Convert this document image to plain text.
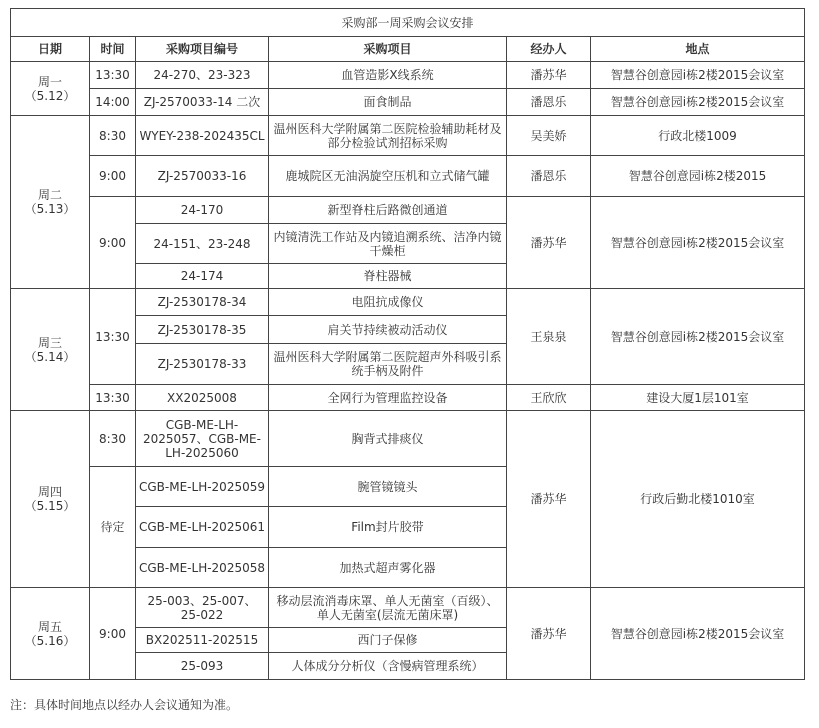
采购部一周采购会议安排					
日期	时间	采购项目编号	采购项目	经办人	地点

周一
（5.12）	13:30	24-270、23-323	血管造影X线系统	潘苏华	智慧谷创意园i栋2楼2015会议室
	14:00	ZJ-2570033-14 二次	面食制品	潘恩乐	智慧谷创意园i栋2楼2015会议室

周二
（5.13）	8:30	WYEY-238-202435CL	温州医科大学附属第二医院检验辅助耗材及部分检验试剂招标采购	吴美娇	行政北楼1009
	9:00	ZJ-2570033-16	鹿城院区无油涡旋空压机和立式储气罐	潘恩乐	智慧谷创意园i栋2楼2015
	9:00	24-170	新型脊柱后路微创通道	潘苏华	智慧谷创意园i栋2楼2015会议室
		24-151、23-248	内镜清洗工作站及内镜追溯系统、洁净内镜干燥柜		
		24-174	脊柱器械		

周三
（5.14）	13:30	ZJ-2530178-34	电阻抗成像仪	王泉泉	智慧谷创意园i栋2楼2015会议室
		ZJ-2530178-35	肩关节持续被动活动仪		
		ZJ-2530178-33	温州医科大学附属第二医院超声外科吸引系统手柄及附件		
	13:30	XX2025008	全网行为管理监控设备	王欣欣	建设大厦1层101室

周四
（5.15）	8:30	CGB-ME-LH-2025057、CGB-ME-LH-2025060	胸背式排痰仪	潘苏华	行政后勤北楼1010室
	待定	CGB-ME-LH-2025059	腕管镜镜头		
		CGB-ME-LH-2025061	Film封片胶带		
		CGB-ME-LH-2025058	加热式超声雾化器		

周五
（5.16）	9:00	25-003、25-007、25-022	移动层流消毒床罩、单人无菌室（百级）、单人无菌室(层流无菌床罩)	潘苏华	智慧谷创意园i栋2楼2015会议室
		BX202511-202515	西门子保修		
		25-093	人体成分分析仪（含慢病管理系统）		
注：具体时间地点以经办人会议通知为准。
